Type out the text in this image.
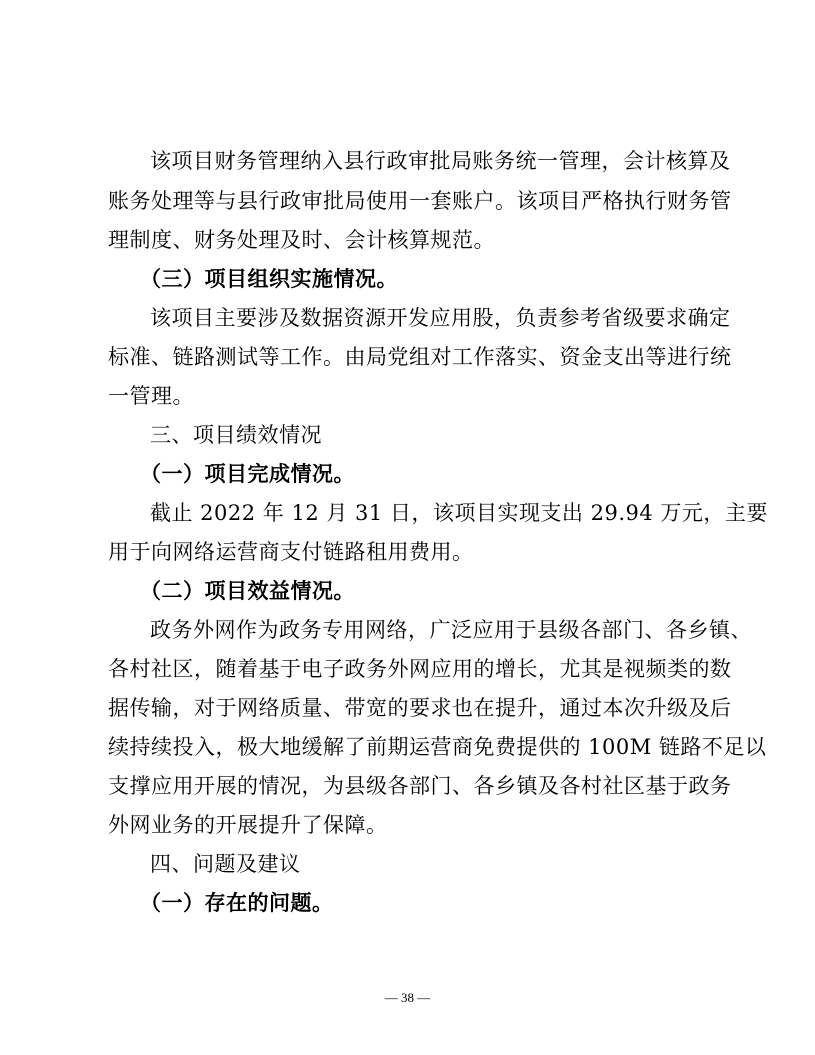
该项目财务管理纳入县行政审批局账务统一管理，会计核算及
账务处理等与县行政审批局使用一套账户。该项目严格执行财务管
理制度、财务处理及时、会计核算规范。
（三）项目组织实施情况。
该项目主要涉及数据资源开发应用股，负责参考省级要求确定
标准、链路测试等工作。由局党组对工作落实、资金支出等进行统
一管理。
三、项目绩效情况
（一）项目完成情况。
截止 2022 年 12 月 31 日，该项目实现支出 29.94 万元，主要
用于向网络运营商支付链路租用费用。
（二）项目效益情况。
政务外网作为政务专用网络，广泛应用于县级各部门、各乡镇、
各村社区，随着基于电子政务外网应用的增长，尤其是视频类的数
据传输，对于网络质量、带宽的要求也在提升，通过本次升级及后
续持续投入，极大地缓解了前期运营商免费提供的 100M 链路不足以
支撑应用开展的情况，为县级各部门、各乡镇及各村社区基于政务
外网业务的开展提升了保障。
四、问题及建议
（一）存在的问题。
— 38 —
